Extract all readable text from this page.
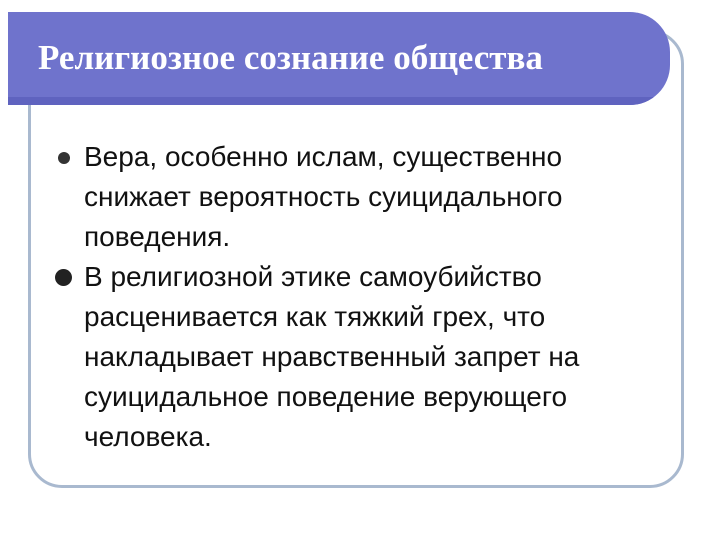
Религиозное сознание общества
Вера, особенно ислам, существенно снижает вероятность суицидального поведения.
В религиозной этике самоубийство расценивается как тяжкий грех, что накладывает нравственный запрет на суицидальное поведение верующего человека.
